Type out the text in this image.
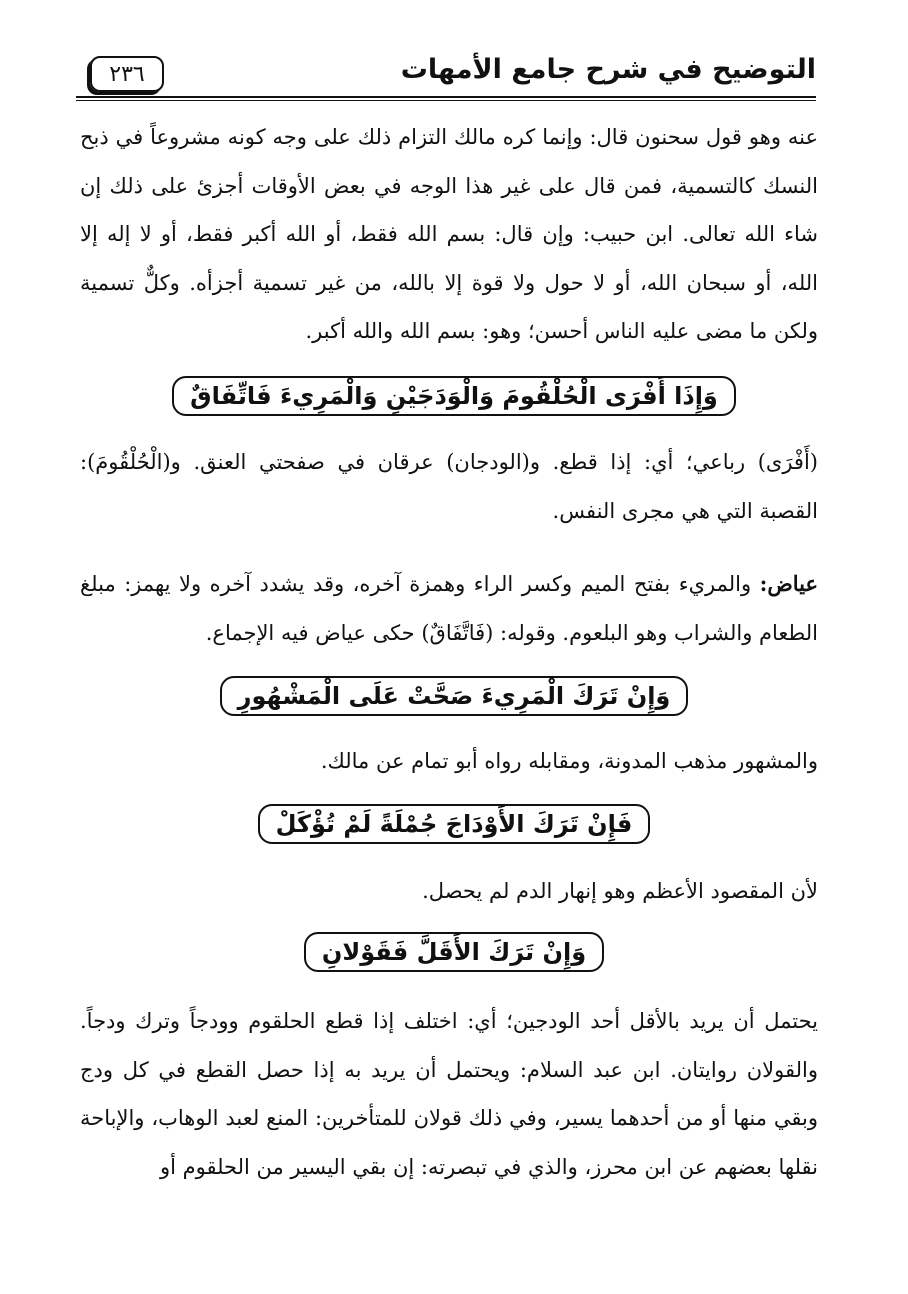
التوضيح في شرح جامع الأمهات
٢٣٦
عنه وهو قول سحنون قال: وإنما كره مالك التزام ذلك على وجه كونه مشروعاً في ذبح النسك كالتسمية، فمن قال على غير هذا الوجه في بعض الأوقات أجزئ على ذلك إن شاء الله تعالى. ابن حبيب: وإن قال: بسم الله فقط، أو الله أكبر فقط، أو لا إله إلا الله، أو سبحان الله، أو لا حول ولا قوة إلا بالله، من غير تسمية أجزأه. وكلٌّ تسمية ولكن ما مضى عليه الناس أحسن؛ وهو: بسم الله والله أكبر.
وَإِذَا أَفْرَى الْحُلْقُومَ وَالْوَدَجَيْنِ وَالْمَرِيءَ فَاتِّفَاقٌ
(أَفْرَى) رباعي؛ أي: إذا قطع. و(الودجان) عرقان في صفحتي العنق. و(الْحُلْقُومَ): القصبة التي هي مجرى النفس.
عياض: والمريء بفتح الميم وكسر الراء وهمزة آخره، وقد يشدد آخره ولا يهمز: مبلغ الطعام والشراب وهو البلعوم. وقوله: (فَاتَّفَاقٌ) حكى عياض فيه الإجماع.
وَإِنْ تَرَكَ الْمَرِيءَ صَحَّتْ عَلَى الْمَشْهُورِ
والمشهور مذهب المدونة، ومقابله رواه أبو تمام عن مالك.
فَإِنْ تَرَكَ الأَوْدَاجَ جُمْلَةً لَمْ تُؤْكَلْ
لأن المقصود الأعظم وهو إنهار الدم لم يحصل.
وَإِنْ تَرَكَ الأَقَلَّ فَقَوْلانِ
يحتمل أن يريد بالأقل أحد الودجين؛ أي: اختلف إذا قطع الحلقوم وودجاً وترك ودجاً. والقولان روايتان. ابن عبد السلام: ويحتمل أن يريد به إذا حصل القطع في كل ودج وبقي منها أو من أحدهما يسير، وفي ذلك قولان للمتأخرين: المنع لعبد الوهاب، والإباحة نقلها بعضهم عن ابن محرز، والذي في تبصرته: إن بقي اليسير من الحلقوم أو
